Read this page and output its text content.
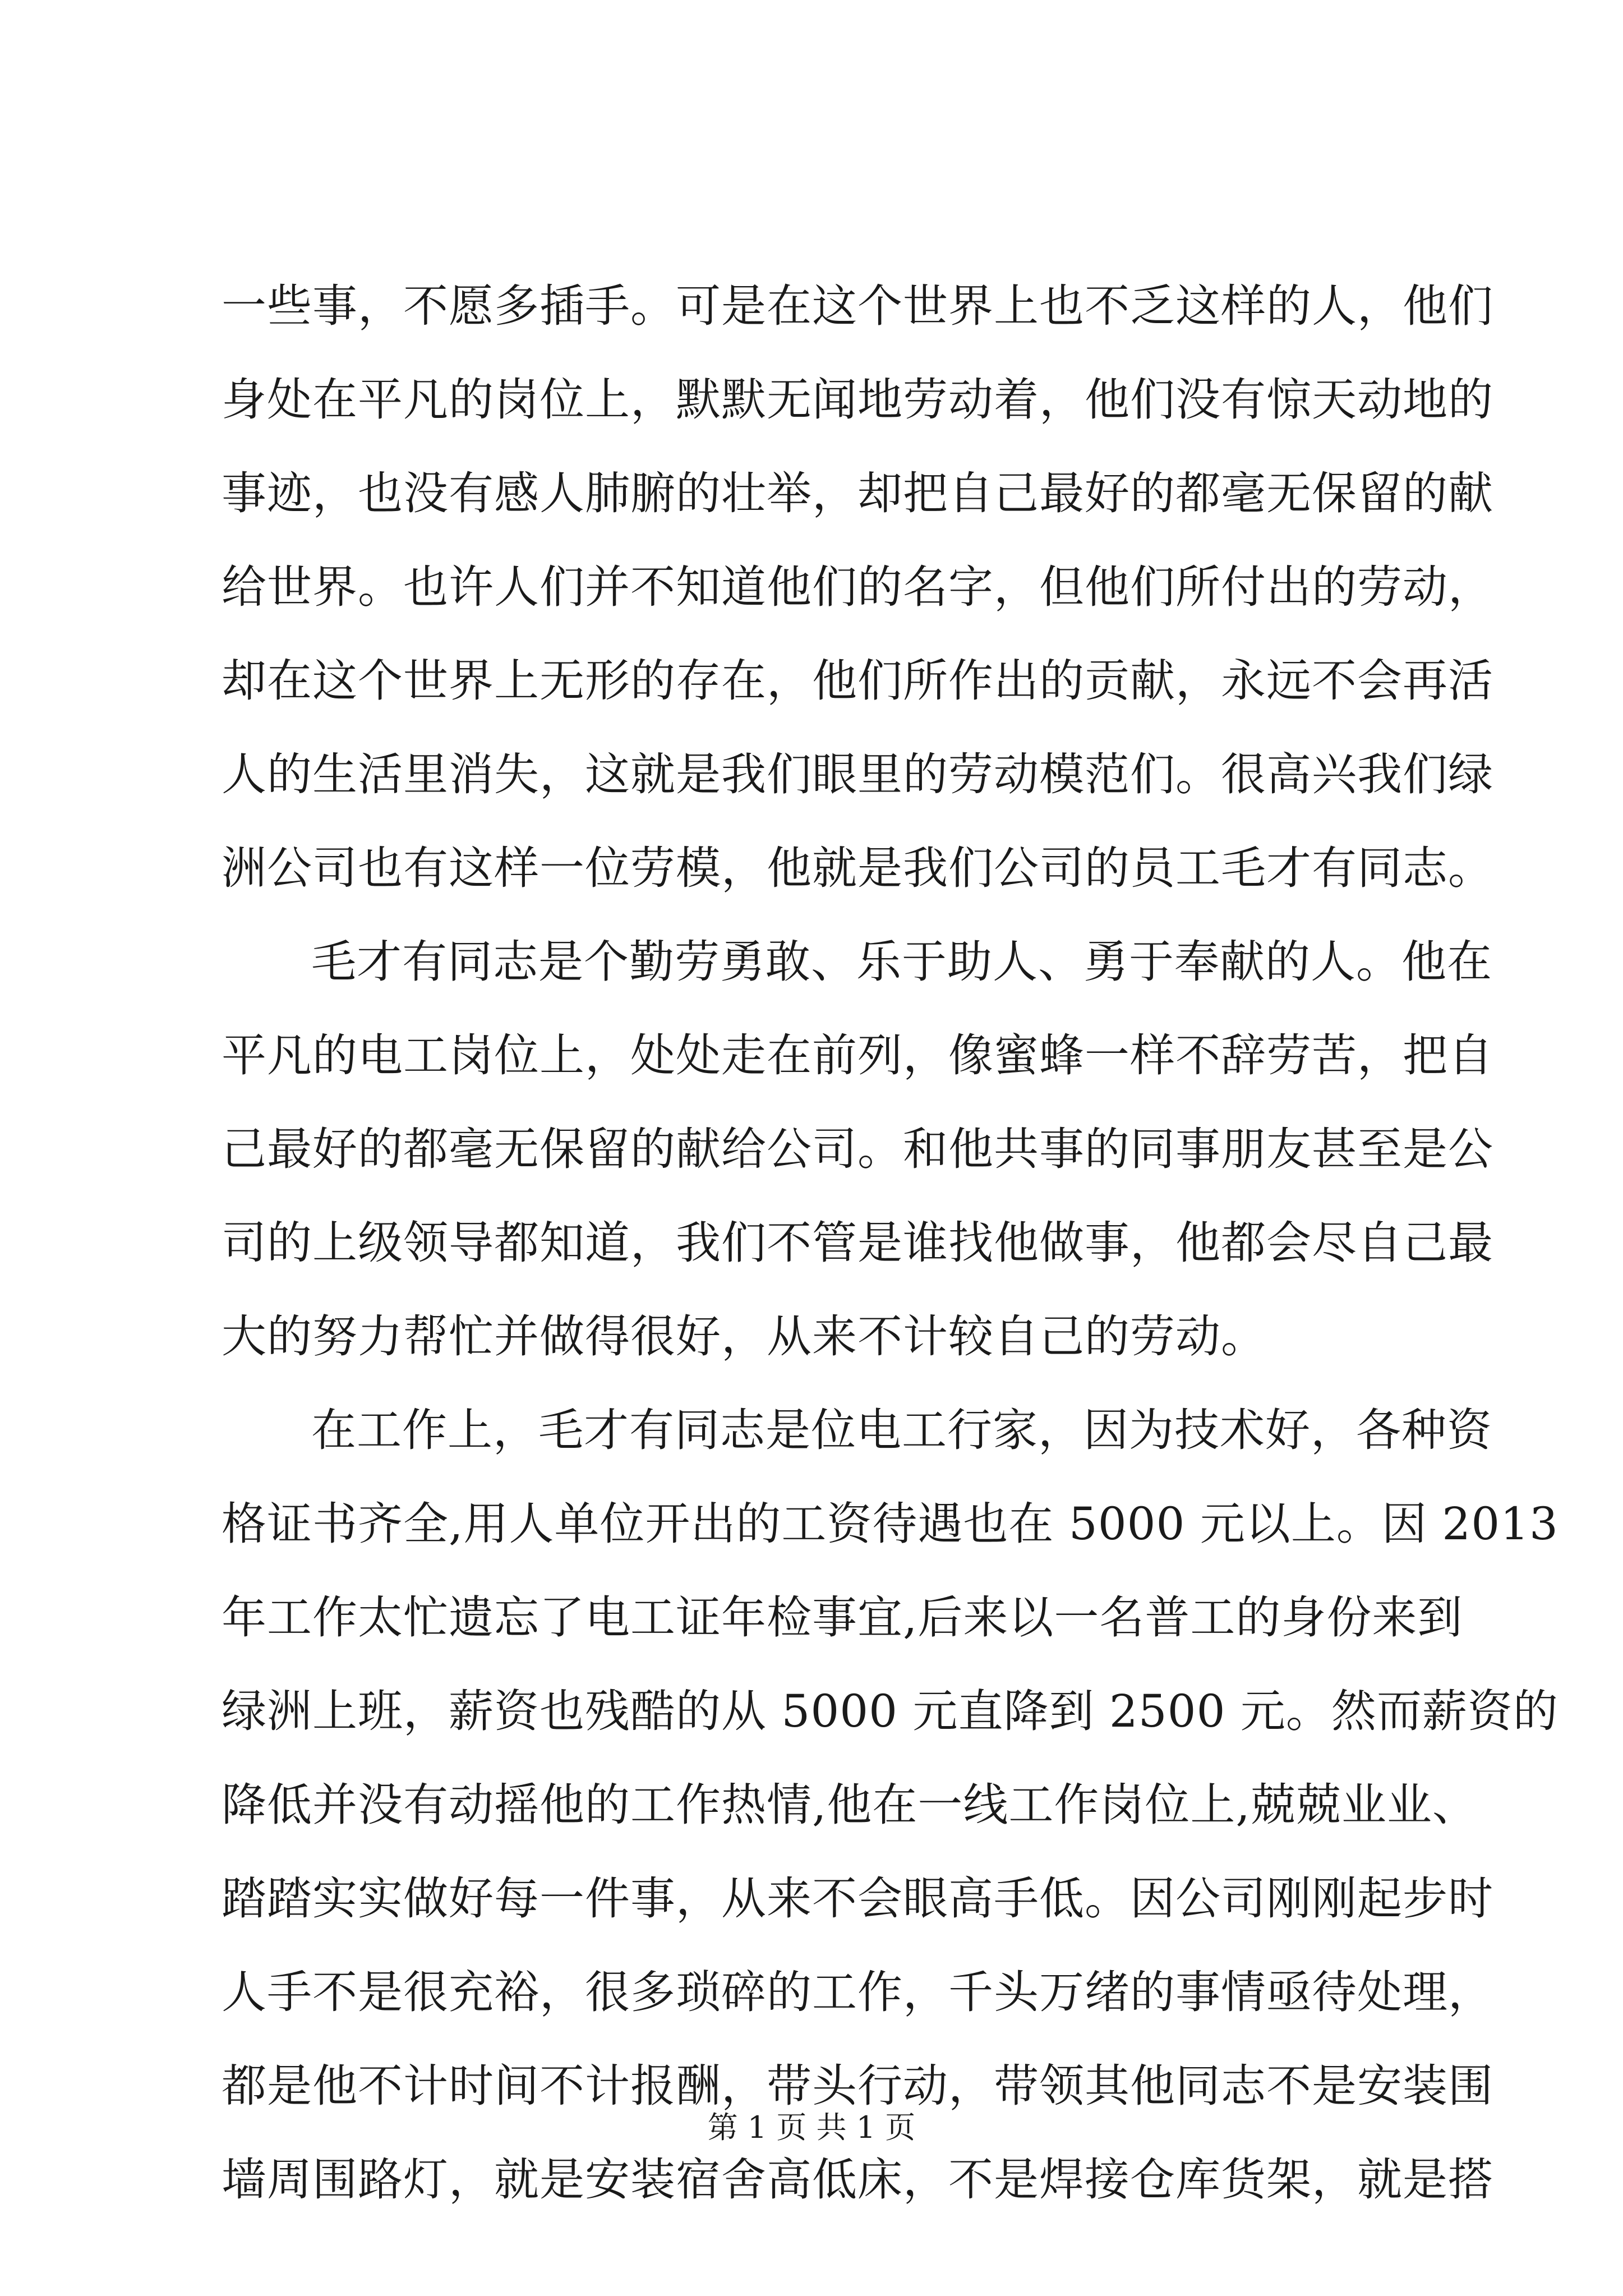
一些事，不愿多插手。可是在这个世界上也不乏这样的人，他们
身处在平凡的岗位上，默默无闻地劳动着，他们没有惊天动地的
事迹，也没有感人肺腑的壮举，却把自己最好的都毫无保留的献
给世界。也许人们并不知道他们的名字，但他们所付出的劳动，
却在这个世界上无形的存在，他们所作出的贡献，永远不会再活
人的生活里消失，这就是我们眼里的劳动模范们。很高兴我们绿
洲公司也有这样一位劳模，他就是我们公司的员工毛才有同志。
毛才有同志是个勤劳勇敢、乐于助人、勇于奉献的人。他在
平凡的电工岗位上，处处走在前列，像蜜蜂一样不辞劳苦，把自
己最好的都毫无保留的献给公司。和他共事的同事朋友甚至是公
司的上级领导都知道，我们不管是谁找他做事，他都会尽自己最
大的努力帮忙并做得很好，从来不计较自己的劳动。
在工作上，毛才有同志是位电工行家，因为技术好，各种资
格证书齐全,用人单位开出的工资待遇也在 5000 元以上。因 2013
年工作太忙遗忘了电工证年检事宜,后来以一名普工的身份来到
绿洲上班，薪资也残酷的从 5000 元直降到 2500 元。然而薪资的
降低并没有动摇他的工作热情,他在一线工作岗位上,兢兢业业、
踏踏实实做好每一件事，从来不会眼高手低。因公司刚刚起步时
人手不是很充裕，很多琐碎的工作，千头万绪的事情亟待处理，
都是他不计时间不计报酬，带头行动，带领其他同志不是安装围
墙周围路灯，就是安装宿舍高低床，不是焊接仓库货架，就是搭
第 1 页 共 1 页
